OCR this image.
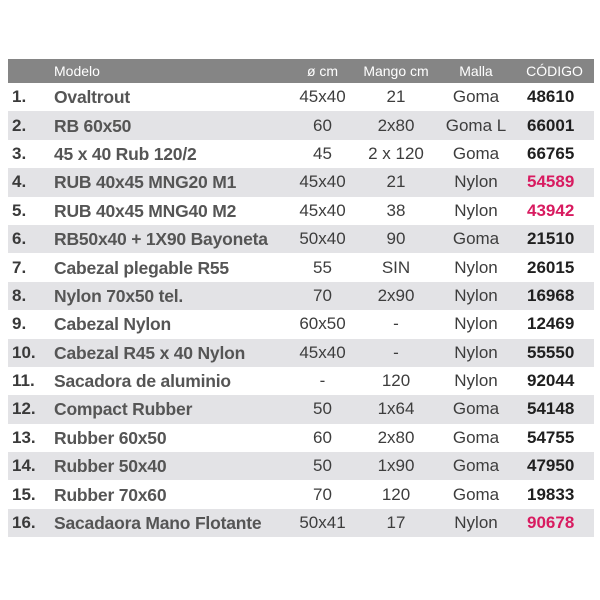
	Modelo	ø cm	Mango cm	Malla	CÓDIGO
1.	Ovaltrout	45x40	21	Goma	48610
2.	RB 60x50	60	2x80	Goma L	66001
3.	45 x 40 Rub 120/2	45	2 x 120	Goma	66765
4.	RUB 40x45 MNG20 M1	45x40	21	Nylon	54589
5.	RUB 40x45 MNG40 M2	45x40	38	Nylon	43942
6.	RB50x40 + 1X90 Bayoneta	50x40	90	Goma	21510
7.	Cabezal plegable R55	55	SIN	Nylon	26015
8.	Nylon 70x50 tel.	70	2x90	Nylon	16968
9.	Cabezal Nylon	60x50	-	Nylon	12469
10.	Cabezal R45 x 40 Nylon	45x40	-	Nylon	55550
11.	Sacadora de aluminio	-	120	Nylon	92044
12.	Compact Rubber	50	1x64	Goma	54148
13.	Rubber 60x50	60	2x80	Goma	54755
14.	Rubber 50x40	50	1x90	Goma	47950
15.	Rubber 70x60	70	120	Goma	19833
16.	Sacadaora Mano Flotante	50x41	17	Nylon	90678
